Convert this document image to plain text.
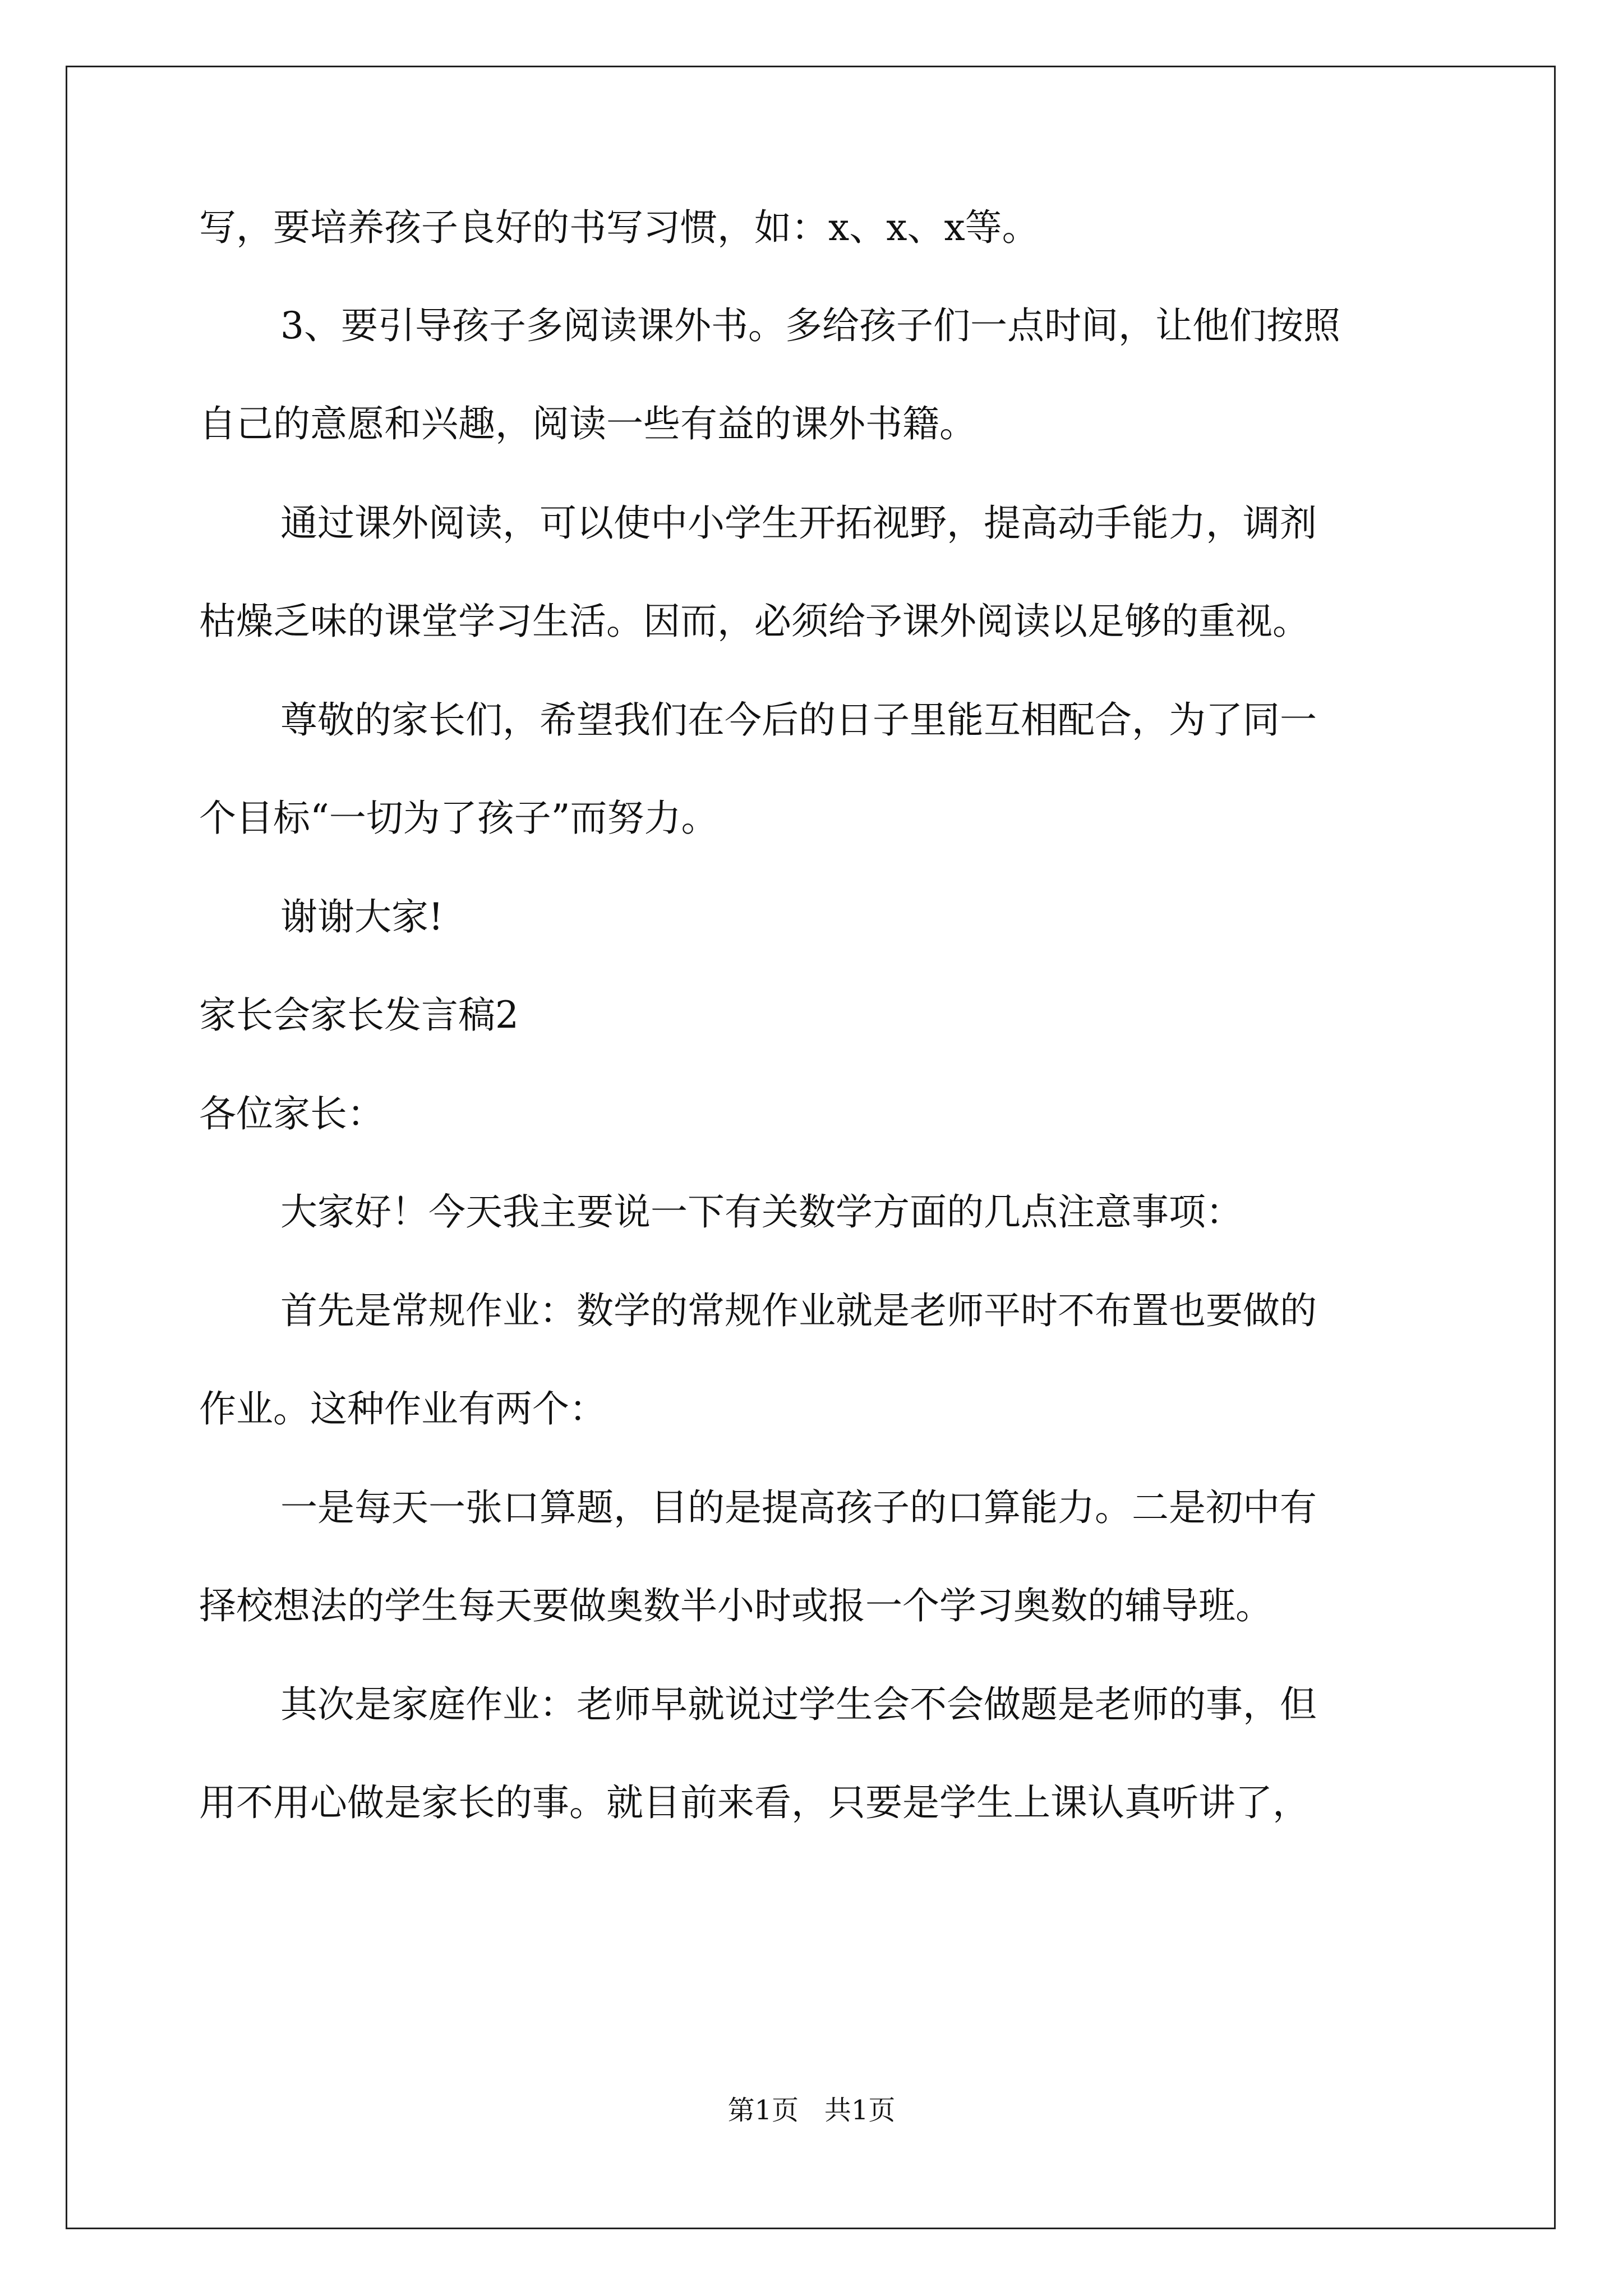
写，要培养孩子良好的书写习惯，如：x、x、x等。
3、要引导孩子多阅读课外书。多给孩子们一点时间，让他们按照
自己的意愿和兴趣，阅读一些有益的课外书籍。
通过课外阅读，可以使中小学生开拓视野，提高动手能力，调剂
枯燥乏味的课堂学习生活。因而，必须给予课外阅读以足够的重视。
尊敬的家长们，希望我们在今后的日子里能互相配合，为了同一
个目标“一切为了孩子”而努力。
谢谢大家!
家长会家长发言稿2
各位家长：
大家好！今天我主要说一下有关数学方面的几点注意事项：
首先是常规作业：数学的常规作业就是老师平时不布置也要做的
作业。这种作业有两个：
一是每天一张口算题，目的是提高孩子的口算能力。二是初中有
择校想法的学生每天要做奥数半小时或报一个学习奥数的辅导班。
其次是家庭作业：老师早就说过学生会不会做题是老师的事，但
用不用心做是家长的事。就目前来看，只要是学生上课认真听讲了，
第1页   共1页
